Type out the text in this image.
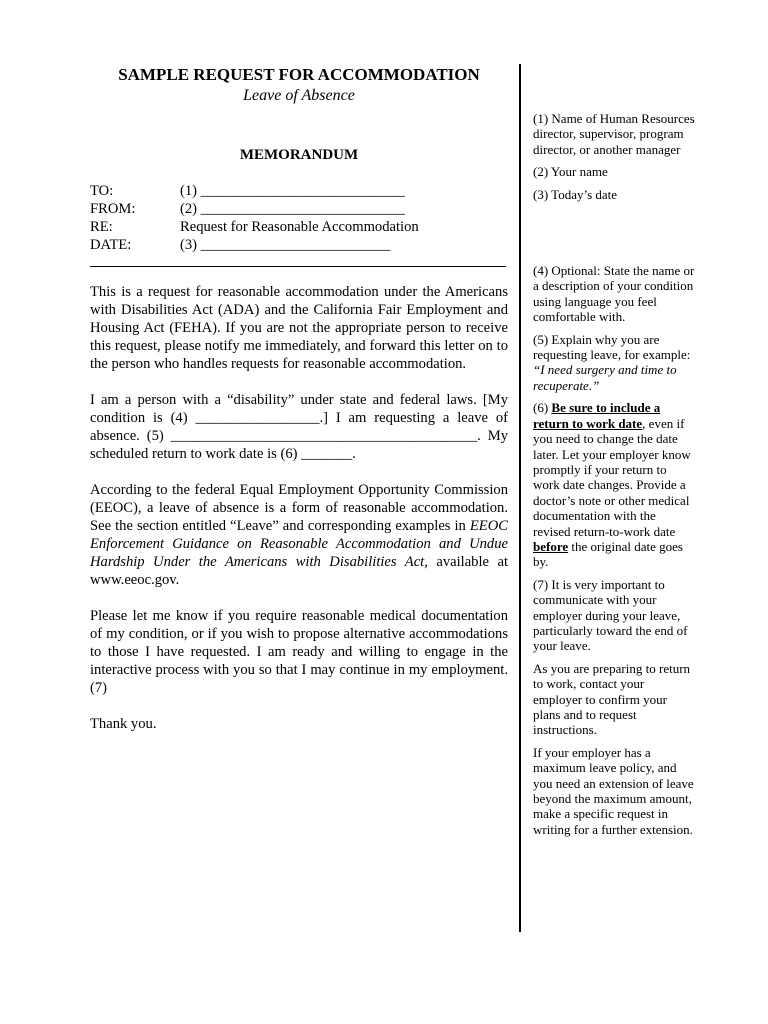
SAMPLE REQUEST FOR ACCOMMODATION
Leave of Absence
MEMORANDUM
TO:	(1) ____________________________
FROM:	(2) ____________________________
RE:	Request for Reasonable Accommodation
DATE:	(3) __________________________

This is a request for reasonable accommodation under the Americans with Disabilities Act (ADA) and the California Fair Employment and Housing Act (FEHA). If you are not the appropriate person to receive this request, please notify me immediately, and forward this letter on to the person who handles requests for reasonable accommodation.

I am a person with a “disability” under state and federal laws. [My condition is (4) _________________.] I am requesting a leave of absence. (5) __________________________________________. My scheduled return to work date is (6) _______.

According to the federal Equal Employment Opportunity Commission (EEOC), a leave of absence is a form of reasonable accommodation. See the section entitled “Leave” and corresponding examples in EEOC Enforcement Guidance on Reasonable Accommodation and Undue Hardship Under the Americans with Disabilities Act, available at www.eeoc.gov.

Please let me know if you require reasonable medical documentation of my condition, or if you wish to propose alternative accommodations to those I have requested. I am ready and willing to engage in the interactive process with you so that I may continue in my employment. (7)

Thank you.

(1) Name of Human Resources director, supervisor, program director, or another manager

(2) Your name

(3) Today’s date

(4) Optional: State the name or a description of your condition using language you feel comfortable with.

(5) Explain why you are requesting leave, for example: “I need surgery and time to recuperate.”

(6) Be sure to include a return to work date, even if you need to change the date later. Let your employer know promptly if your return to work date changes. Provide a doctor’s note or other medical documentation with the revised return-to-work date before the original date goes by.

(7) It is very important to communicate with your employer during your leave, particularly toward the end of your leave.

As you are preparing to return to work, contact your employer to confirm your plans and to request instructions.

If your employer has a maximum leave policy, and you need an extension of leave beyond the maximum amount, make a specific request in writing for a further extension.
